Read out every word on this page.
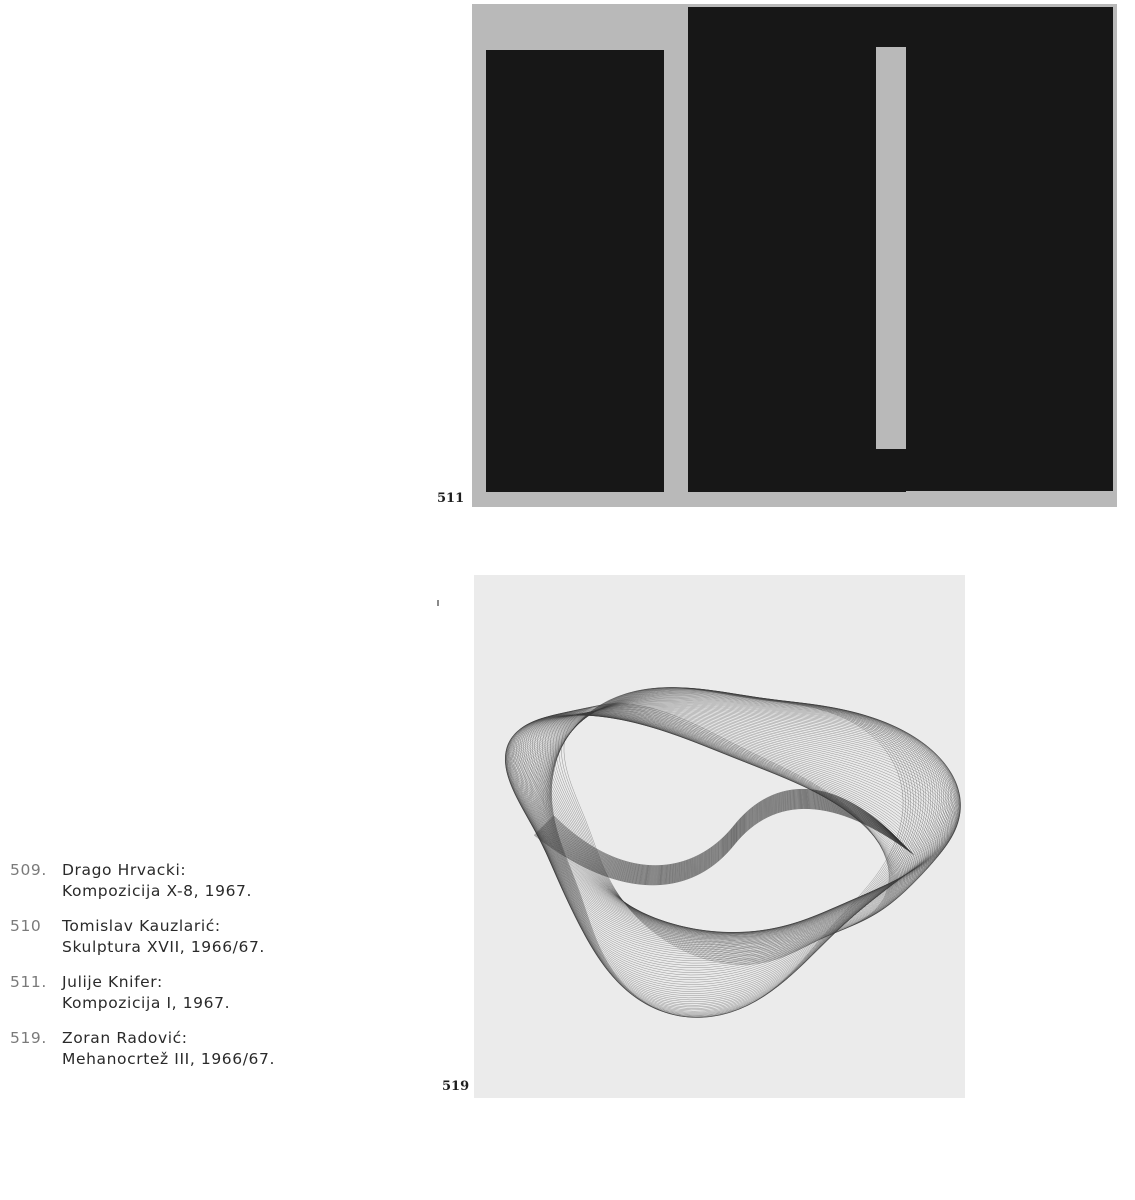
511
519
509. Drago Hrvacki:
Kompozicija X-8, 1967.
510 Tomislav Kauzlarić:
Skulptura XVII, 1966/67.
511. Julije Knifer:
Kompozicija I, 1967.
519. Zoran Radović:
Mehanocrtež III, 1966/67.
